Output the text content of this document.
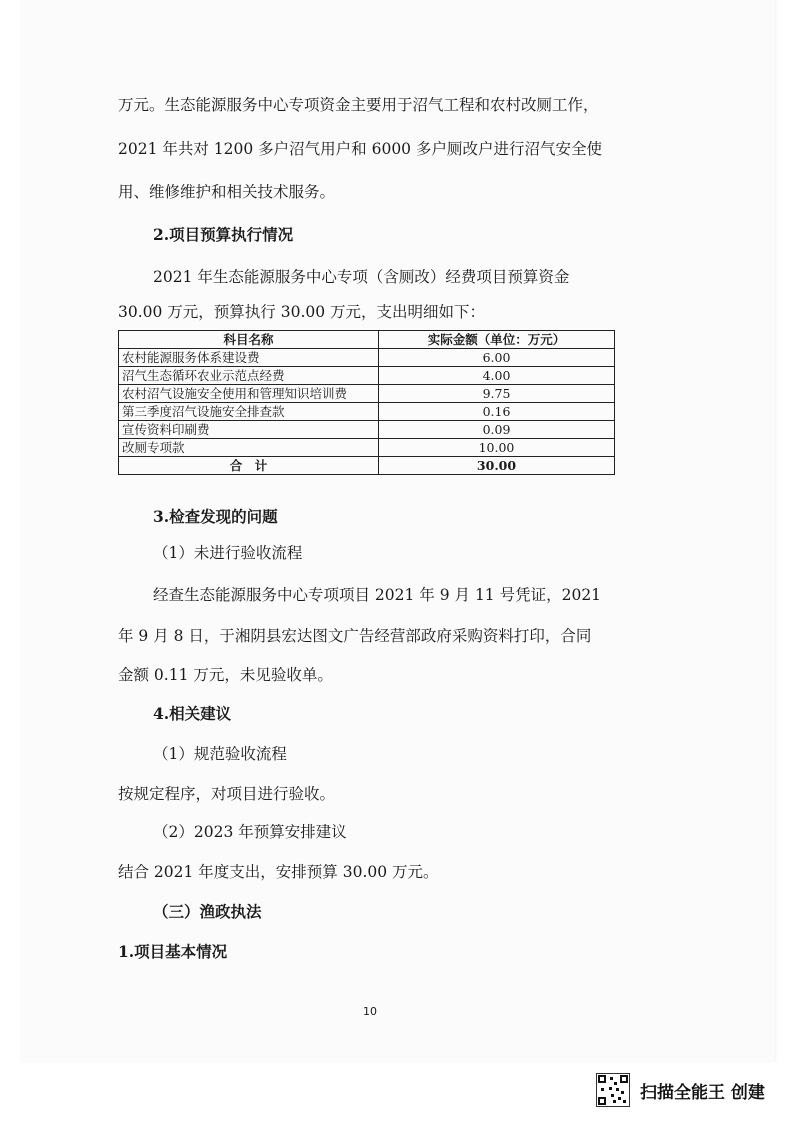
万元。生态能源服务中心专项资金主要用于沼气工程和农村改厕工作，

2021 年共对 1200 多户沼气用户和 6000 多户厕改户进行沼气安全使

用、维修维护和相关技术服务。

2.项目预算执行情况

2021 年生态能源服务中心专项（含厕改）经费项目预算资金

30.00 万元，预算执行 30.00 万元，支出明细如下：

科目名称	实际金额（单位：万元）
农村能源服务体系建设费	6.00
沼气生态循环农业示范点经费	4.00
农村沼气设施安全使用和管理知识培训费	9.75
第三季度沼气设施安全排查款	0.16
宣传资料印刷费	0.09
改厕专项款	10.00
合　计	30.00

3.检查发现的问题

（1）未进行验收流程

经查生态能源服务中心专项项目 2021 年 9 月 11 号凭证，2021

年 9 月 8 日，于湘阴县宏达图文广告经营部政府采购资料打印，合同

金额 0.11 万元，未见验收单。

4.相关建议

（1）规范验收流程

按规定程序，对项目进行验收。

（2）2023 年预算安排建议

结合 2021 年度支出，安排预算 30.00 万元。

（三）渔政执法

1.项目基本情况

10
扫描全能王 创建
